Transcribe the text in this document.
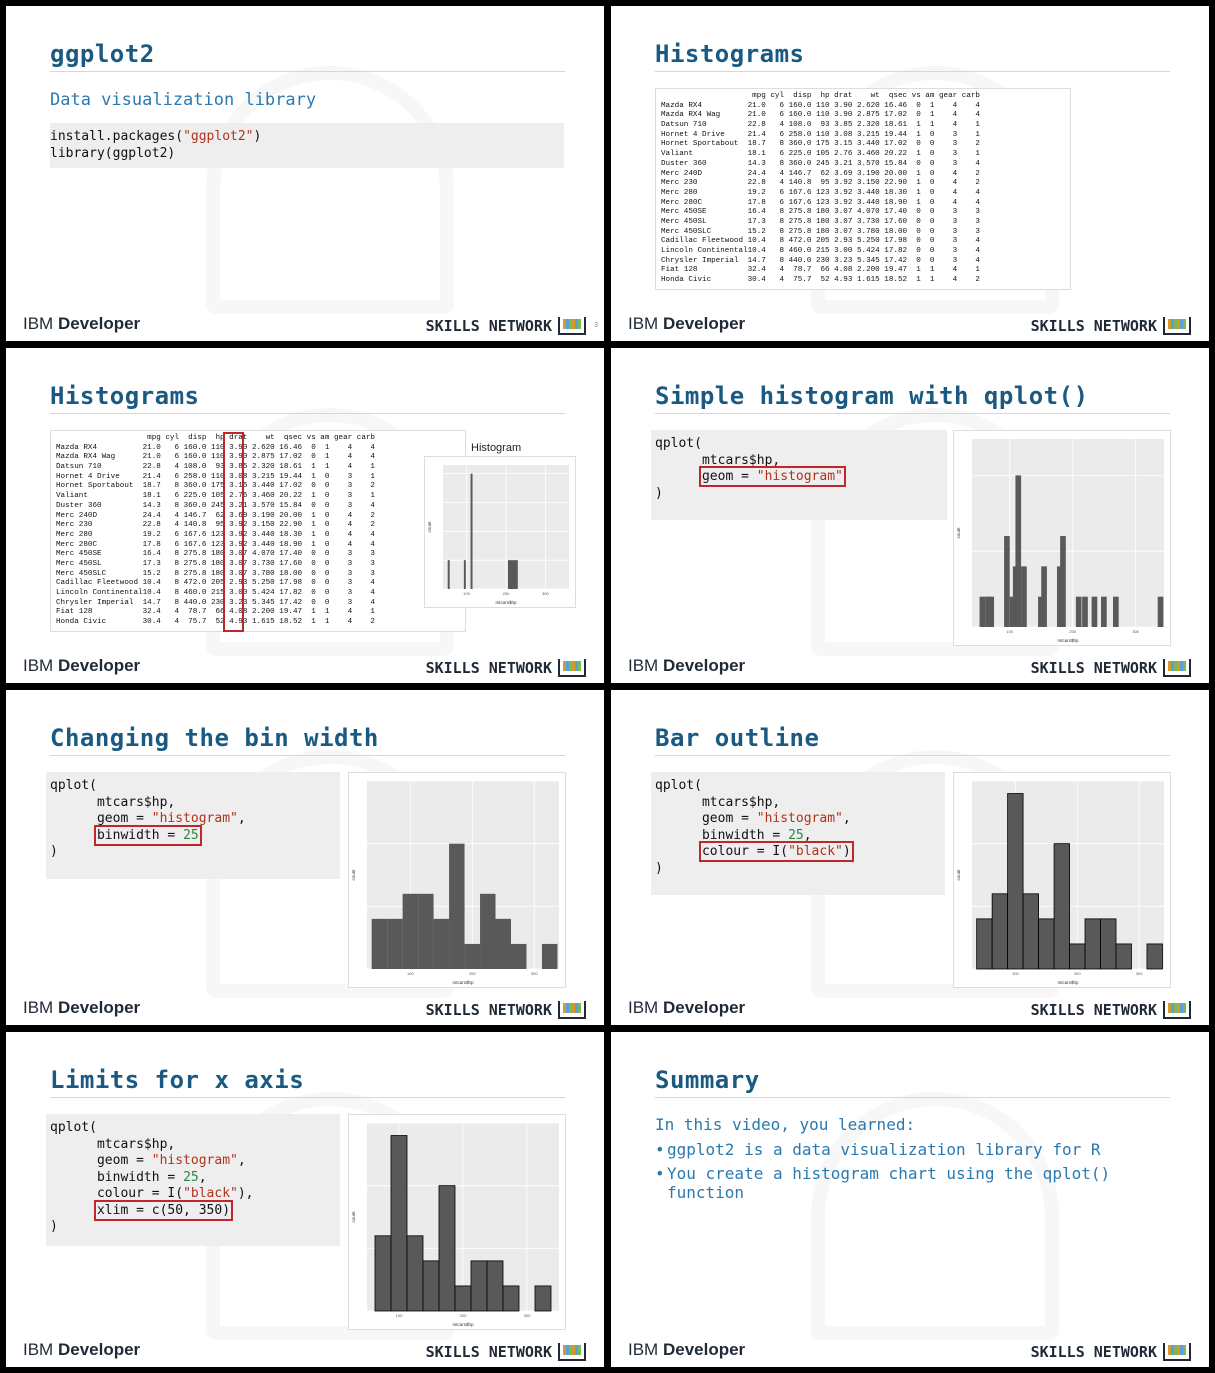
ggplot2
Data visualization library
install.packages("ggplot2")
library(ggplot2)
IBM Developer	SKILLS NETWORK	3
Histograms
mpg cyl  disp  hp drat    wt  qsec vs am gear carb
Mazda RX4          21.0   6 160.0 110 3.90 2.620 16.46  0  1    4    4
Mazda RX4 Wag      21.0   6 160.0 110 3.90 2.875 17.02  0  1    4    4
Datsun 710         22.8   4 108.0  93 3.85 2.320 18.61  1  1    4    1
Hornet 4 Drive     21.4   6 258.0 110 3.08 3.215 19.44  1  0    3    1
Hornet Sportabout  18.7   8 360.0 175 3.15 3.440 17.02  0  0    3    2
Valiant            18.1   6 225.0 105 2.76 3.460 20.22  1  0    3    1
Duster 360         14.3   8 360.0 245 3.21 3.570 15.84  0  0    3    4
Merc 240D          24.4   4 146.7  62 3.69 3.190 20.00  1  0    4    2
Merc 230           22.8   4 140.8  95 3.92 3.150 22.90  1  0    4    2
Merc 280           19.2   6 167.6 123 3.92 3.440 18.30  1  0    4    4
Merc 280C          17.8   6 167.6 123 3.92 3.440 18.90  1  0    4    4
Merc 450SE         16.4   8 275.8 180 3.07 4.070 17.40  0  0    3    3
Merc 450SL         17.3   8 275.8 180 3.07 3.730 17.60  0  0    3    3
Merc 450SLC        15.2   8 275.8 180 3.07 3.780 18.00  0  0    3    3
Cadillac Fleetwood 10.4   8 472.0 205 2.93 5.250 17.98  0  0    3    4
Lincoln Continental10.4   8 460.0 215 3.00 5.424 17.82  0  0    3    4
Chrysler Imperial  14.7   8 440.0 230 3.23 5.345 17.42  0  0    3    4
Fiat 128           32.4   4  78.7  66 4.08 2.200 19.47  1  1    4    1
Honda Civic        30.4   4  75.7  52 4.93 1.615 18.52  1  1    4    2
IBM Developer	SKILLS NETWORK
Histograms
mpg cyl  disp  hp drat    wt  qsec vs am gear carb
Mazda RX4          21.0   6 160.0 110 3.90 2.620 16.46  0  1    4    4
Mazda RX4 Wag      21.0   6 160.0 110 3.90 2.875 17.02  0  1    4    4
Datsun 710         22.8   4 108.0  93 3.85 2.320 18.61  1  1    4    1
Hornet 4 Drive     21.4   6 258.0 110 3.08 3.215 19.44  1  0    3    1
Hornet Sportabout  18.7   8 360.0 175 3.15 3.440 17.02  0  0    3    2
Valiant            18.1   6 225.0 105 2.76 3.460 20.22  1  0    3    1
Duster 360         14.3   8 360.0 245 3.21 3.570 15.84  0  0    3    4
Merc 240D          24.4   4 146.7  62 3.69 3.190 20.00  1  0    4    2
Merc 230           22.8   4 140.8  95 3.92 3.150 22.90  1  0    4    2
Merc 280           19.2   6 167.6 123 3.92 3.440 18.30  1  0    4    4
Merc 280C          17.8   6 167.6 123 3.92 3.440 18.90  1  0    4    4
Merc 450SE         16.4   8 275.8 180 3.07 4.070 17.40  0  0    3    3
Merc 450SL         17.3   8 275.8 180 3.07 3.730 17.60  0  0    3    3
Merc 450SLC        15.2   8 275.8 180 3.07 3.780 18.00  0  0    3    3
Cadillac Fleetwood 10.4   8 472.0 205 2.93 5.250 17.98  0  0    3    4
Lincoln Continental10.4   8 460.0 215 3.00 5.424 17.82  0  0    3    4
Chrysler Imperial  14.7   8 440.0 230 3.23 5.345 17.42  0  0    3    4
Fiat 128           32.4   4  78.7  66 4.08 2.200 19.47  1  1    4    1
Honda Civic        30.4   4  75.7  52 4.93 1.615 18.52  1  1    4    2
100	200	300
mtcars$hp
count
Histogram
IBM Developer	SKILLS NETWORK
Simple histogram with qplot()
qplot(
mtcars$hp,
geom = "histogram"
)
100	200	300
mtcars$hp
count
IBM Developer	SKILLS NETWORK
Changing the bin width
qplot(
mtcars$hp,
geom = "histogram",
binwidth = 25
)
100	200	300
mtcars$hp
count
IBM Developer	SKILLS NETWORK
Bar outline
qplot(
mtcars$hp,
geom = "histogram",
binwidth = 25,
colour = I("black")
)
100	200	300
mtcars$hp
count
IBM Developer	SKILLS NETWORK
Limits for x axis
qplot(
mtcars$hp,
geom = "histogram",
binwidth = 25,
colour = I("black"),
xlim = c(50, 350)
)
100	200	300
mtcars$hp
count
IBM Developer	SKILLS NETWORK
Summary
In this video, you learned:
• ggplot2 is a data visualization library for R
• You create a histogram chart using the qplot() function
IBM Developer	SKILLS NETWORK
